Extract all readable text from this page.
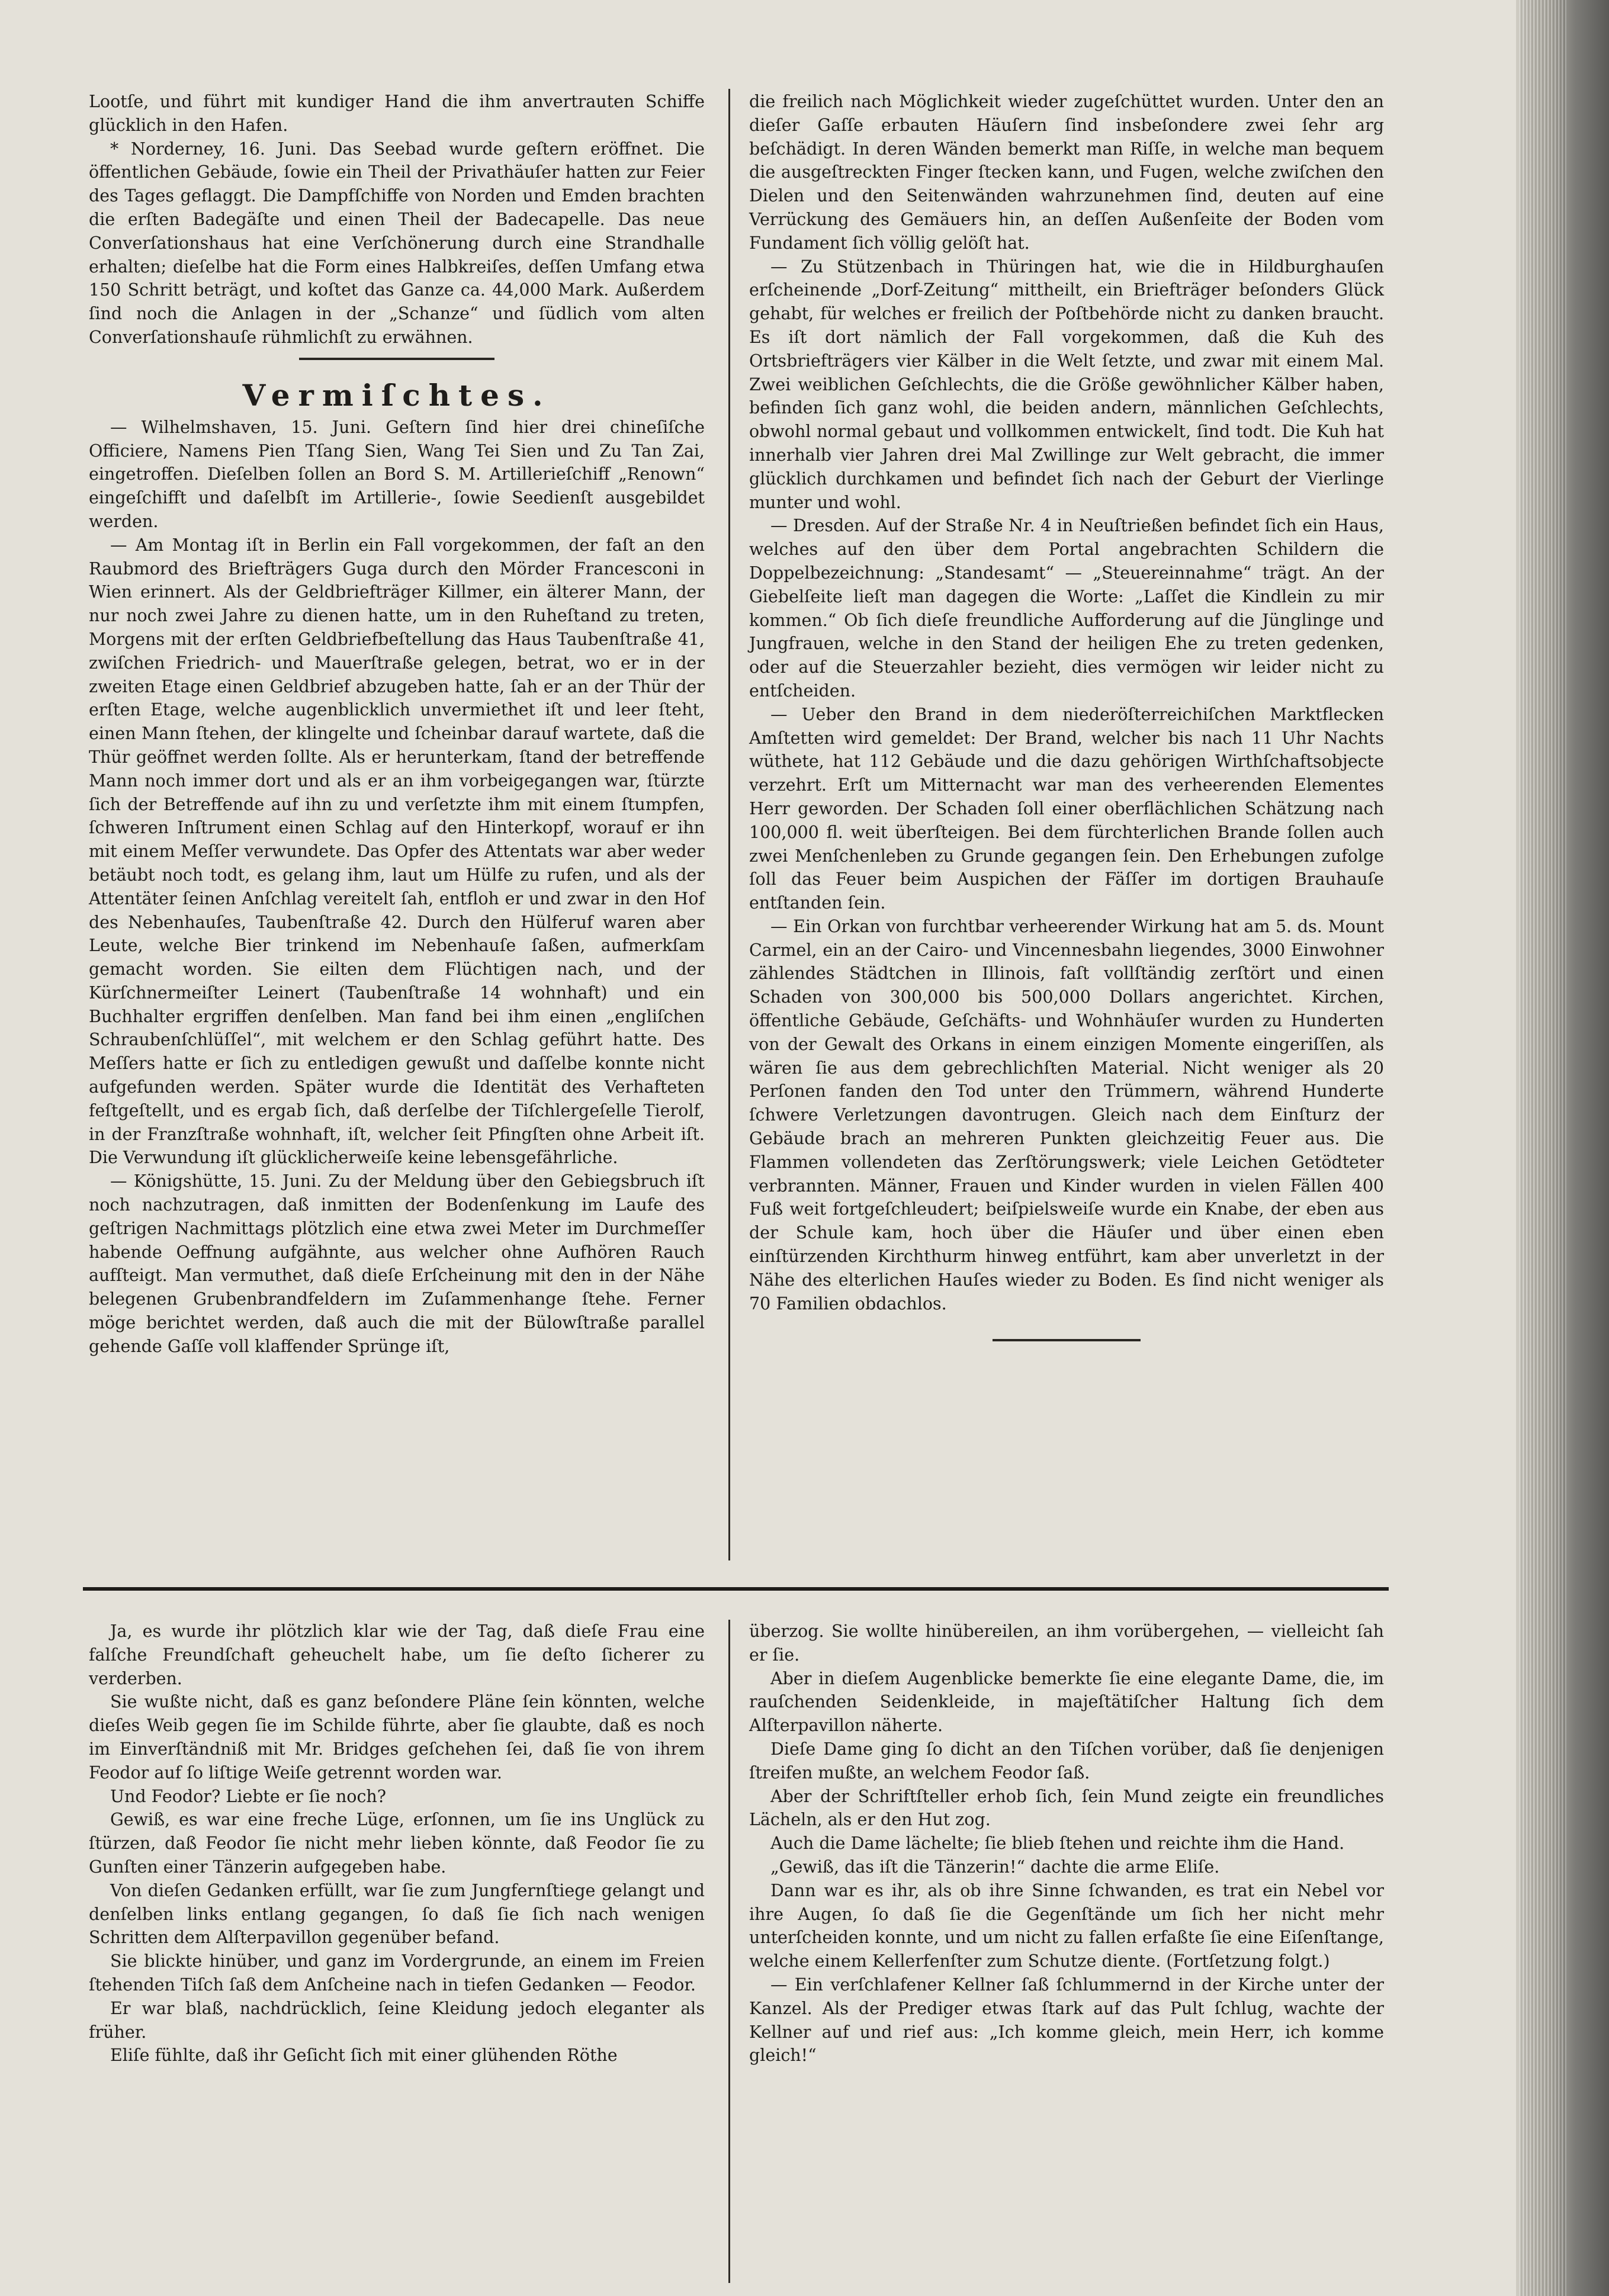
Lootſe, und führt mit kundiger Hand die ihm anvertrauten Schiffe glücklich in den Hafen.

* Norderney, 16. Juni. Das Seebad wurde geſtern eröffnet. Die öffentlichen Gebäude, ſowie ein Theil der Privathäuſer hatten zur Feier des Tages geflaggt. Die Dampfſchiffe von Norden und Emden brachten die erſten Badegäſte und einen Theil der Badecapelle. Das neue Converſationshaus hat eine Verſchönerung durch eine Strandhalle erhalten; dieſelbe hat die Form eines Halbkreiſes, deſſen Umfang etwa 150 Schritt beträgt, und koſtet das Ganze ca. 44,000 Mark. Außerdem ſind noch die Anlagen in der „Schanze“ und ſüdlich vom alten Converſationshauſe rühmlichſt zu erwähnen.

Vermiſchtes.

— Wilhelmshaven, 15. Juni. Geſtern ſind hier drei chineſiſche Officiere, Namens Pien Tſang Sien, Wang Tei Sien und Zu Tan Zai, eingetroffen. Dieſelben ſollen an Bord S. M. Artillerieſchiff „Renown“ eingeſchifft und daſelbſt im Artillerie-, ſowie Seedienſt ausgebildet werden.

— Am Montag iſt in Berlin ein Fall vorgekommen, der faſt an den Raubmord des Briefträgers Guga durch den Mörder Francesconi in Wien erinnert. Als der Geldbriefträger Killmer, ein älterer Mann, der nur noch zwei Jahre zu dienen hatte, um in den Ruheſtand zu treten, Morgens mit der erſten Geldbriefbeſtellung das Haus Taubenſtraße 41, zwiſchen Friedrich- und Mauerſtraße gelegen, betrat, wo er in der zweiten Etage einen Geldbrief abzugeben hatte, ſah er an der Thür der erſten Etage, welche augenblicklich unvermiethet iſt und leer ſteht, einen Mann ſtehen, der klingelte und ſcheinbar darauf wartete, daß die Thür geöffnet werden ſollte. Als er herunterkam, ſtand der betreffende Mann noch immer dort und als er an ihm vorbeigegangen war, ſtürzte ſich der Betreffende auf ihn zu und verſetzte ihm mit einem ſtumpfen, ſchweren Inſtrument einen Schlag auf den Hinterkopf, worauf er ihn mit einem Meſſer verwundete. Das Opfer des Attentats war aber weder betäubt noch todt, es gelang ihm, laut um Hülfe zu rufen, und als der Attentäter ſeinen Anſchlag vereitelt ſah, entfloh er und zwar in den Hof des Nebenhauſes, Taubenſtraße 42. Durch den Hülferuf waren aber Leute, welche Bier trinkend im Nebenhauſe ſaßen, aufmerkſam gemacht worden. Sie eilten dem Flüchtigen nach, und der Kürſchnermeiſter Leinert (Taubenſtraße 14 wohnhaft) und ein Buchhalter ergriffen denſelben. Man fand bei ihm einen „engliſchen Schraubenſchlüſſel“, mit welchem er den Schlag geführt hatte. Des Meſſers hatte er ſich zu entledigen gewußt und daſſelbe konnte nicht aufgefunden werden. Später wurde die Identität des Verhafteten feſtgeſtellt, und es ergab ſich, daß derſelbe der Tiſchlergeſelle Tierolf, in der Franzſtraße wohnhaft, iſt, welcher ſeit Pfingſten ohne Arbeit iſt. Die Verwundung iſt glücklicherweiſe keine lebensgefährliche.

— Königshütte, 15. Juni. Zu der Meldung über den Gebiegsbruch iſt noch nachzutragen, daß inmitten der Bodenſenkung im Laufe des geſtrigen Nachmittags plötzlich eine etwa zwei Meter im Durchmeſſer habende Oeffnung aufgähnte, aus welcher ohne Aufhören Rauch aufſteigt. Man vermuthet, daß dieſe Erſcheinung mit den in der Nähe belegenen Grubenbrandfeldern im Zuſammenhange ſtehe. Ferner möge berichtet werden, daß auch die mit der Bülowſtraße parallel gehende Gaſſe voll klaffender Sprünge iſt,

die freilich nach Möglichkeit wieder zugeſchüttet wurden. Unter den an dieſer Gaſſe erbauten Häuſern ſind insbeſondere zwei ſehr arg beſchädigt. In deren Wänden bemerkt man Riſſe, in welche man bequem die ausgeſtreckten Finger ſtecken kann, und Fugen, welche zwiſchen den Dielen und den Seitenwänden wahrzunehmen ſind, deuten auf eine Verrückung des Gemäuers hin, an deſſen Außenſeite der Boden vom Fundament ſich völlig gelöſt hat.

— Zu Stützenbach in Thüringen hat, wie die in Hildburghauſen erſcheinende „Dorf-Zeitung“ mittheilt, ein Briefträger beſonders Glück gehabt, für welches er freilich der Poſtbehörde nicht zu danken braucht. Es iſt dort nämlich der Fall vorgekommen, daß die Kuh des Ortsbriefträgers vier Kälber in die Welt ſetzte, und zwar mit einem Mal. Zwei weiblichen Geſchlechts, die die Größe gewöhnlicher Kälber haben, befinden ſich ganz wohl, die beiden andern, männlichen Geſchlechts, obwohl normal gebaut und vollkommen entwickelt, ſind todt. Die Kuh hat innerhalb vier Jahren drei Mal Zwillinge zur Welt gebracht, die immer glücklich durchkamen und befindet ſich nach der Geburt der Vierlinge munter und wohl.

— Dresden. Auf der Straße Nr. 4 in Neuſtrießen befindet ſich ein Haus, welches auf den über dem Portal angebrachten Schildern die Doppelbezeichnung: „Standesamt“ — „Steuereinnahme“ trägt. An der Giebelſeite lieſt man dagegen die Worte: „Laſſet die Kindlein zu mir kommen.“ Ob ſich dieſe freundliche Aufforderung auf die Jünglinge und Jungfrauen, welche in den Stand der heiligen Ehe zu treten gedenken, oder auf die Steuerzahler bezieht, dies vermögen wir leider nicht zu entſcheiden.

— Ueber den Brand in dem niederöſterreichiſchen Marktflecken Amſtetten wird gemeldet: Der Brand, welcher bis nach 11 Uhr Nachts wüthete, hat 112 Gebäude und die dazu gehörigen Wirthſchaftsobjecte verzehrt. Erſt um Mitternacht war man des verheerenden Elementes Herr geworden. Der Schaden ſoll einer oberflächlichen Schätzung nach 100,000 fl. weit überſteigen. Bei dem fürchterlichen Brande ſollen auch zwei Menſchenleben zu Grunde gegangen ſein. Den Erhebungen zufolge ſoll das Feuer beim Auspichen der Fäſſer im dortigen Brauhauſe entſtanden ſein.

— Ein Orkan von furchtbar verheerender Wirkung hat am 5. ds. Mount Carmel, ein an der Cairo- und Vincennesbahn liegendes, 3000 Einwohner zählendes Städtchen in Illinois, faſt vollſtändig zerſtört und einen Schaden von 300,000 bis 500,000 Dollars angerichtet. Kirchen, öffentliche Gebäude, Geſchäfts- und Wohnhäuſer wurden zu Hunderten von der Gewalt des Orkans in einem einzigen Momente eingeriſſen, als wären ſie aus dem gebrechlichſten Material. Nicht weniger als 20 Perſonen fanden den Tod unter den Trümmern, während Hunderte ſchwere Verletzungen davontrugen. Gleich nach dem Einſturz der Gebäude brach an mehreren Punkten gleichzeitig Feuer aus. Die Flammen vollendeten das Zerſtörungswerk; viele Leichen Getödteter verbrannten. Männer, Frauen und Kinder wurden in vielen Fällen 400 Fuß weit fortgeſchleudert; beiſpielsweiſe wurde ein Knabe, der eben aus der Schule kam, hoch über die Häuſer und über einen eben einſtürzenden Kirchthurm hinweg entführt, kam aber unverletzt in der Nähe des elterlichen Hauſes wieder zu Boden. Es ſind nicht weniger als 70 Familien obdachlos.

Ja, es wurde ihr plötzlich klar wie der Tag, daß dieſe Frau eine falſche Freundſchaft geheuchelt habe, um ſie deſto ſicherer zu verderben.

Sie wußte nicht, daß es ganz beſondere Pläne ſein könnten, welche dieſes Weib gegen ſie im Schilde führte, aber ſie glaubte, daß es noch im Einverſtändniß mit Mr. Bridges geſchehen ſei, daß ſie von ihrem Feodor auf ſo liſtige Weiſe getrennt worden war.

Und Feodor? Liebte er ſie noch?

Gewiß, es war eine freche Lüge, erſonnen, um ſie ins Unglück zu ſtürzen, daß Feodor ſie nicht mehr lieben könnte, daß Feodor ſie zu Gunſten einer Tänzerin aufgegeben habe.

Von dieſen Gedanken erfüllt, war ſie zum Jungfernſtiege gelangt und denſelben links entlang gegangen, ſo daß ſie ſich nach wenigen Schritten dem Alſterpavillon gegenüber befand.

Sie blickte hinüber, und ganz im Vordergrunde, an einem im Freien ſtehenden Tiſch ſaß dem Anſcheine nach in tiefen Gedanken — Feodor.

Er war blaß, nachdrücklich, ſeine Kleidung jedoch eleganter als früher.

Eliſe fühlte, daß ihr Geſicht ſich mit einer glühenden Röthe

überzog. Sie wollte hinübereilen, an ihm vorübergehen, — vielleicht ſah er ſie.

Aber in dieſem Augenblicke bemerkte ſie eine elegante Dame, die, im rauſchenden Seidenkleide, in majeſtätiſcher Haltung ſich dem Alſterpavillon näherte.

Dieſe Dame ging ſo dicht an den Tiſchen vorüber, daß ſie denjenigen ſtreifen mußte, an welchem Feodor ſaß.

Aber der Schriftſteller erhob ſich, ſein Mund zeigte ein freundliches Lächeln, als er den Hut zog.

Auch die Dame lächelte; ſie blieb ſtehen und reichte ihm die Hand.

„Gewiß, das iſt die Tänzerin!“ dachte die arme Eliſe.

Dann war es ihr, als ob ihre Sinne ſchwanden, es trat ein Nebel vor ihre Augen, ſo daß ſie die Gegenſtände um ſich her nicht mehr unterſcheiden konnte, und um nicht zu fallen erfaßte ſie eine Eiſenſtange, welche einem Kellerfenſter zum Schutze diente. (Fortſetzung folgt.)

— Ein verſchlafener Kellner ſaß ſchlummernd in der Kirche unter der Kanzel. Als der Prediger etwas ſtark auf das Pult ſchlug, wachte der Kellner auf und rief aus: „Ich komme gleich, mein Herr, ich komme gleich!“
